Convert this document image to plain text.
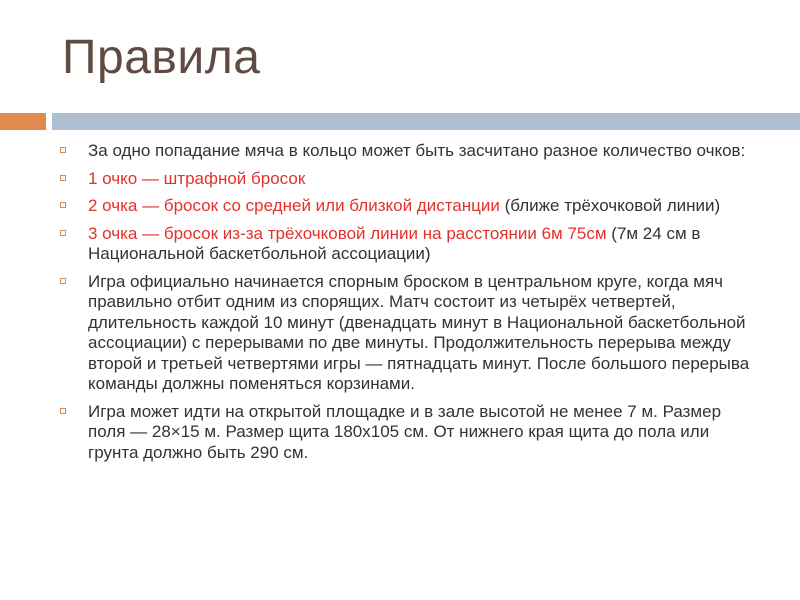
Правила
За одно попадание мяча в кольцо может быть засчитано разное количество очков:
1 очко — штрафной бросок
2 очка — бросок со средней или близкой дистанции (ближе трёхочковой линии)
3 очка — бросок из-за трёхочковой линии на расстоянии 6м 75см (7м 24 см в Национальной баскетбольной ассоциации)
Игра официально начинается спорным броском в центральном круге, когда мяч правильно отбит одним из спорящих. Матч состоит из четырёх четвертей, длительность каждой 10 минут (двенадцать минут в Национальной баскетбольной ассоциации) с перерывами по две минуты. Продолжительность перерыва между второй и третьей четвертями игры — пятнадцать минут. После большого перерыва команды должны поменяться корзинами.
Игра может идти на открытой площадке и в зале высотой не менее 7 м. Размер поля — 28×15 м. Размер щита 180х105 см. От нижнего края щита до пола или грунта должно быть 290 см.
